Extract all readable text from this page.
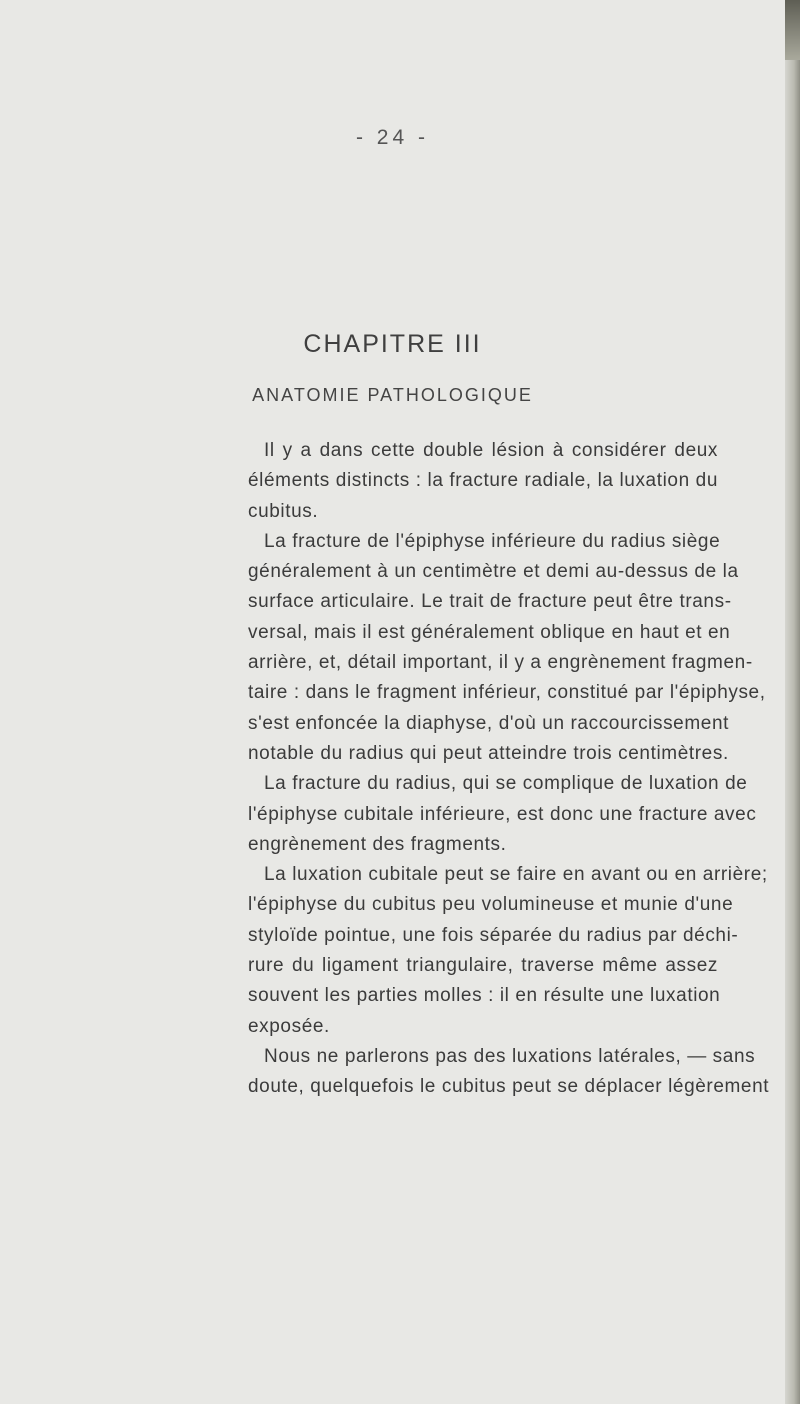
- 24 -
CHAPITRE III
ANATOMIE PATHOLOGIQUE
Il y a dans cette double lésion à considérer deux
éléments distincts : la fracture radiale, la luxation du
cubitus.
La fracture de l'épiphyse inférieure du radius siège
généralement à un centimètre et demi au-dessus de la
surface articulaire. Le trait de fracture peut être trans-
versal, mais il est généralement oblique en haut et en
arrière, et, détail important, il y a engrènement fragmen-
taire : dans le fragment inférieur, constitué par l'épiphyse,
s'est enfoncée la diaphyse, d'où un raccourcissement
notable du radius qui peut atteindre trois centimètres.
La fracture du radius, qui se complique de luxation de
l'épiphyse cubitale inférieure, est donc une fracture avec
engrènement des fragments.
La luxation cubitale peut se faire en avant ou en arrière;
l'épiphyse du cubitus peu volumineuse et munie d'une
styloïde pointue, une fois séparée du radius par déchi-
rure du ligament triangulaire, traverse même assez
souvent les parties molles : il en résulte une luxation
exposée.
Nous ne parlerons pas des luxations latérales, — sans
doute, quelquefois le cubitus peut se déplacer légèrement
